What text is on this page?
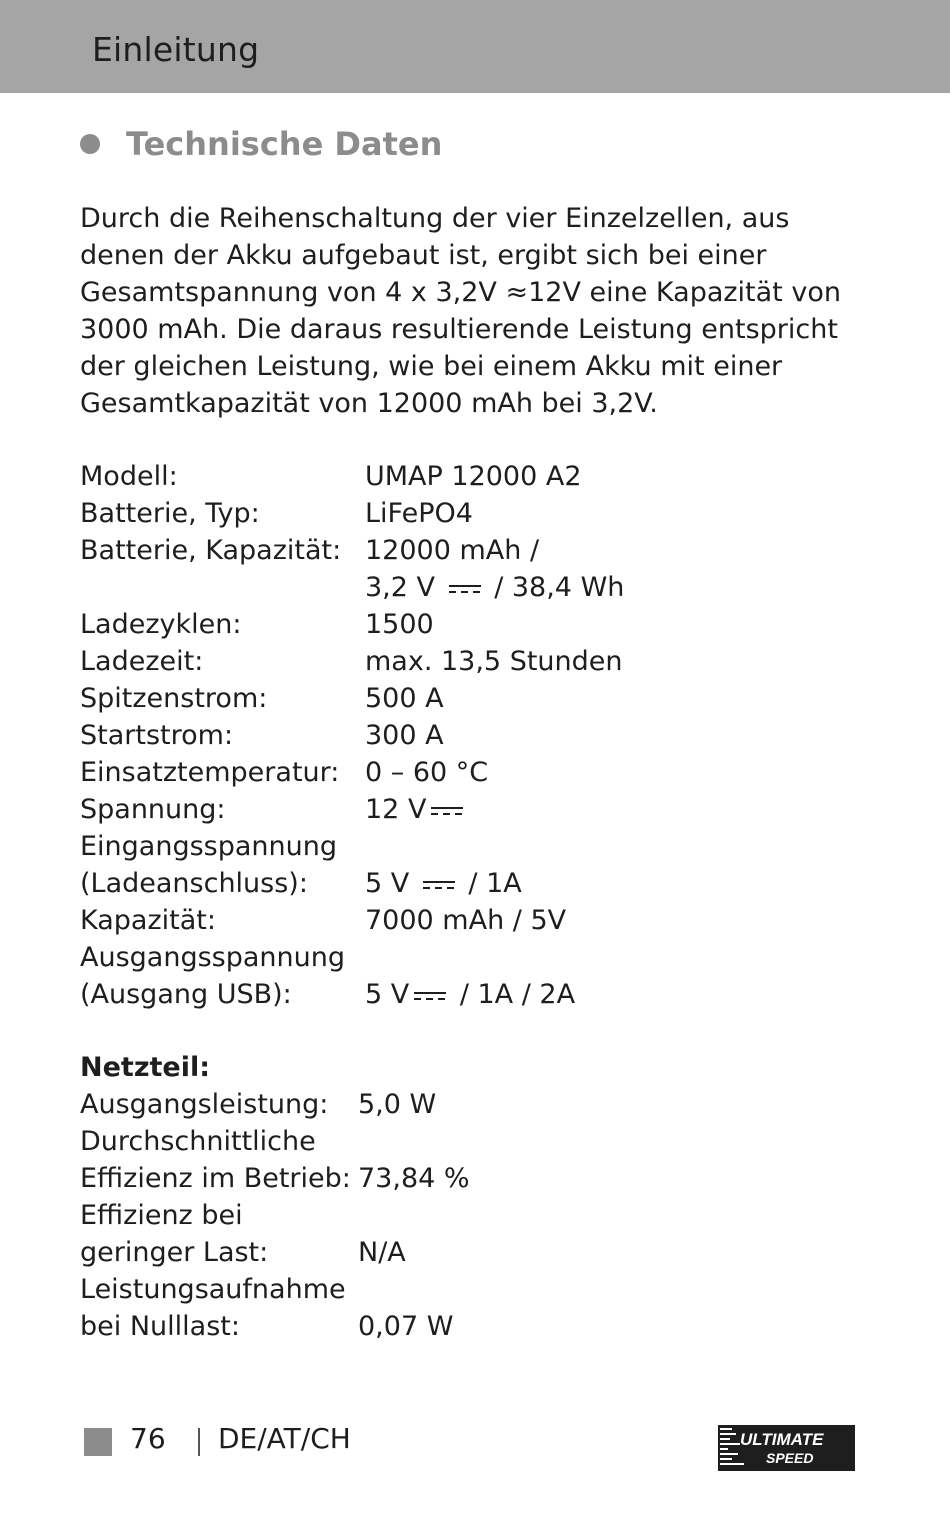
Einleitung
Technische Daten
Durch die Reihenschaltung der vier Einzelzellen, aus
denen der Akku aufgebaut ist, ergibt sich bei einer
Gesamtspannung von 4 x 3,2V ≈12V eine Kapazität von
3000 mAh. Die daraus resultierende Leistung entspricht
der gleichen Leistung, wie bei einem Akku mit einer
Gesamtkapazität von 12000 mAh bei 3,2V.
Modell:	UMAP 12000 A2
Batterie, Typ:	LiFePO4
Batterie, Kapazität: 12000 mAh /
3,2 V / 38,4 Wh
Ladezyklen:	1500
Ladezeit:	max. 13,5 Stunden
Spitzenstrom:	500 A
Startstrom:	300 A
Einsatztemperatur: 0 – 60 °C
Spannung:	12 V
Eingangsspannung
(Ladeanschluss): 5 V / 1A
Kapazität:	7000 mAh / 5V
Ausgangsspannung
(Ausgang USB):	5 V / 1A / 2A
Netzteil:
Ausgangsleistung: 5,0 W
Durchschnittliche
Effizienz im Betrieb: 73,84 %
Effizienz bei
geringer Last:	N/A
Leistungsaufnahme
bei Nulllast:	0,07 W
76 DE/AT/CH	ULTIMATE
SPEED
